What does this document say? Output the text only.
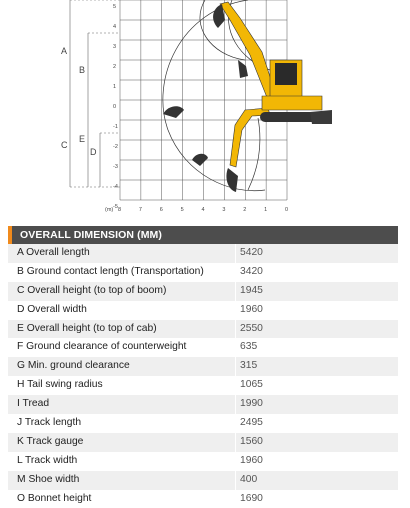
A
B
C
E
D
5
4
3
2
1
0
-1
-2
-3
-4
-5
(m) 8	7	6	5	4	3	2	1	0
OVERALL DIMENSION (MM)
A Overall length	5420
B Ground contact length (Transportation)	3420
C Overall height (to top of boom)	1945
D Overall width	1960
E Overall height (to top of cab)	2550
F Ground clearance of counterweight	635
G Min. ground clearance	315
H Tail swing radius	1065
I Tread	1990
J Track length	2495
K Track gauge	1560
L Track width	1960
M Shoe width	400
O Bonnet height	1690
